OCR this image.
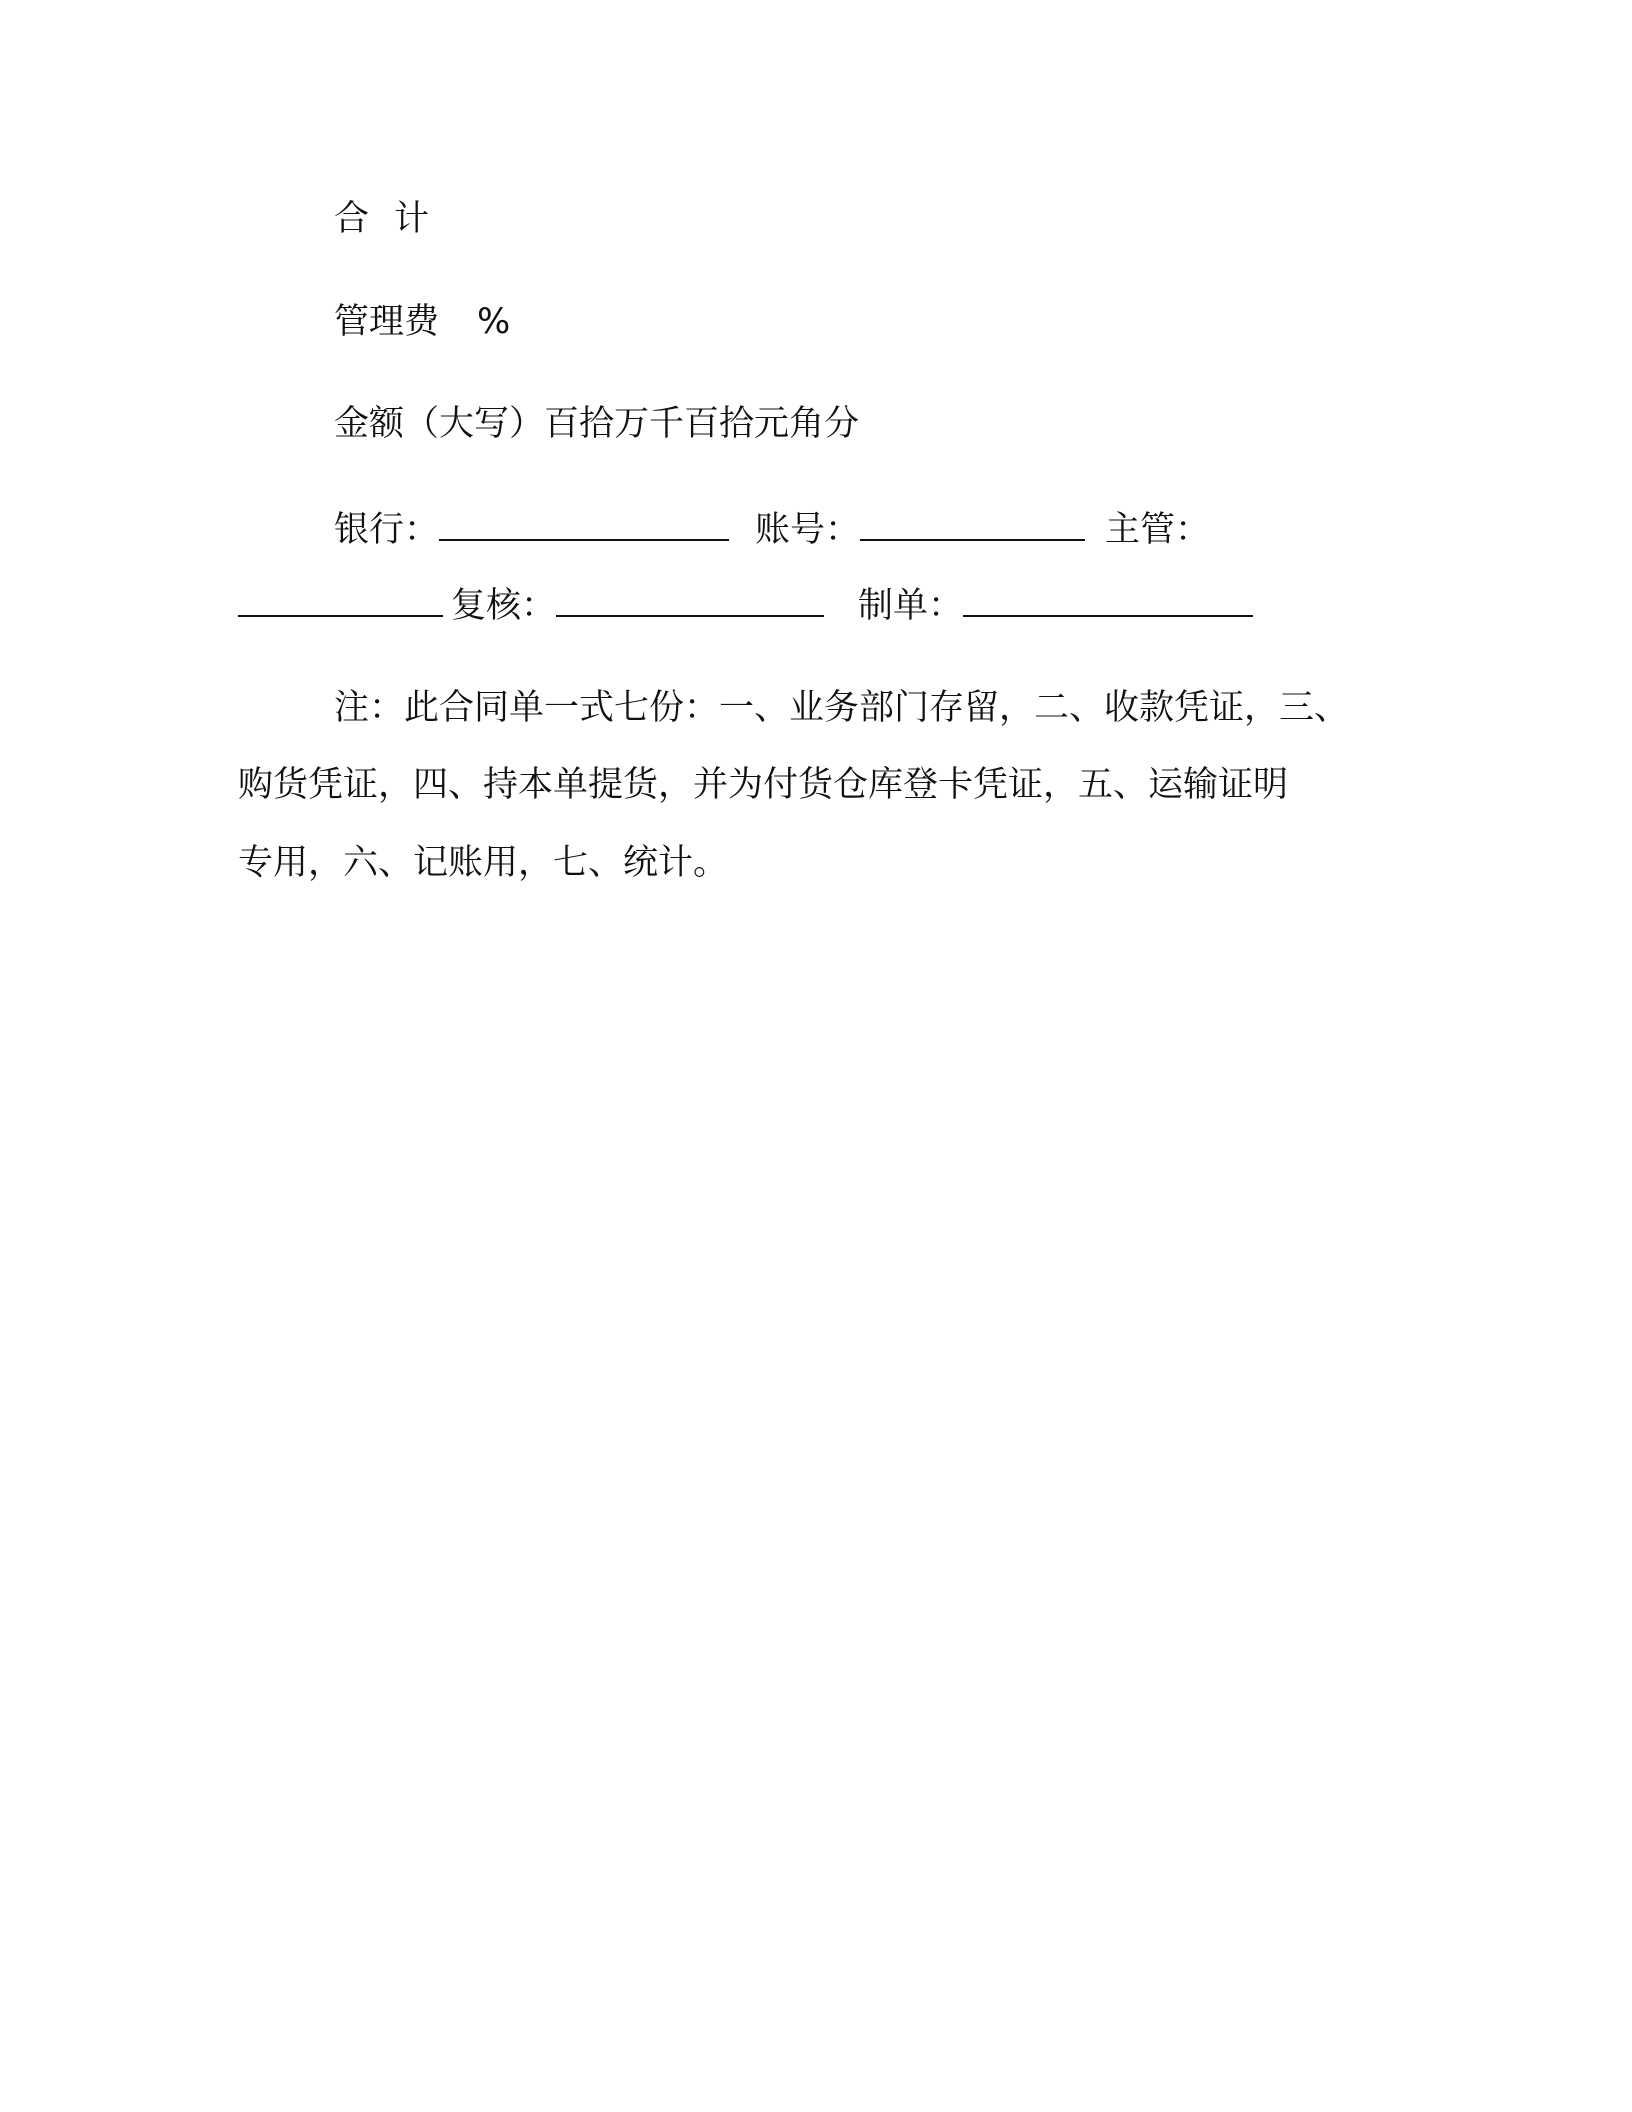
合计
管理费 %
金额（大写）百拾万千百拾元角分
银行：	账号：	主管：
复核：	制单：
注：此合同单一式七份：一、业务部门存留，二、收款凭证，三、
购货凭证，四、持本单提货，并为付货仓库登卡凭证，五、运输证明
专用，六、记账用，七、统计。
